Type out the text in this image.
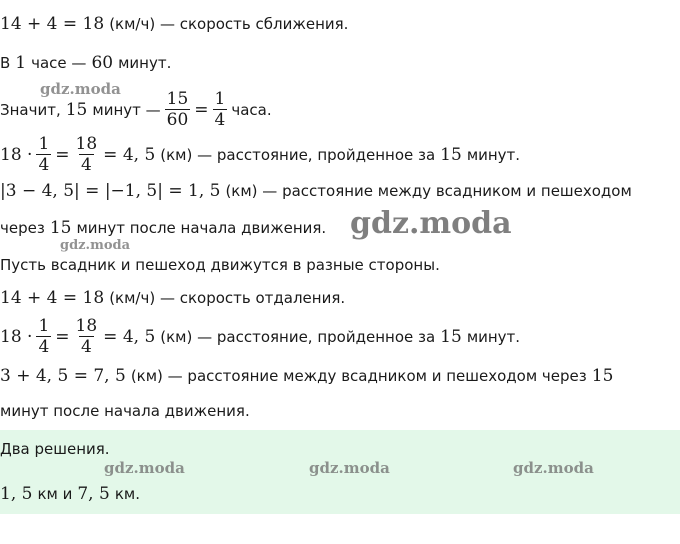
14 + 4 = 18 (км/ч) — скорость сближения.
В 1 часе — 60 минут.
Значит, 15 минут — $\frac{15}{60} = \frac{1}{4}$ часа.
$18 \cdot \frac{1}{4} = \frac{18}{4} = 4$, 5 (км) — расстояние, пройденное за 15 минут.
|3 − 4, 5| = |−1, 5| = 1, 5 (км) — расстояние между всадником и пешеходом
через 15 минут после начала движения.
Пусть всадник и пешеход движутся в разные стороны.
14 + 4 = 18 (км/ч) — скорость отдаления.
$18 \cdot \frac{1}{4} = \frac{18}{4} = 4$, 5 (км) — расстояние, пройденное за 15 минут.
3 + 4, 5 = 7, 5 (км) — расстояние между всадником и пешеходом через 15
минут после начала движения.
Два решения.
1, 5 км и 7, 5 км.
gdz.moda
gdz.moda
gdz.moda
gdz.moda	gdz.moda	gdz.moda
